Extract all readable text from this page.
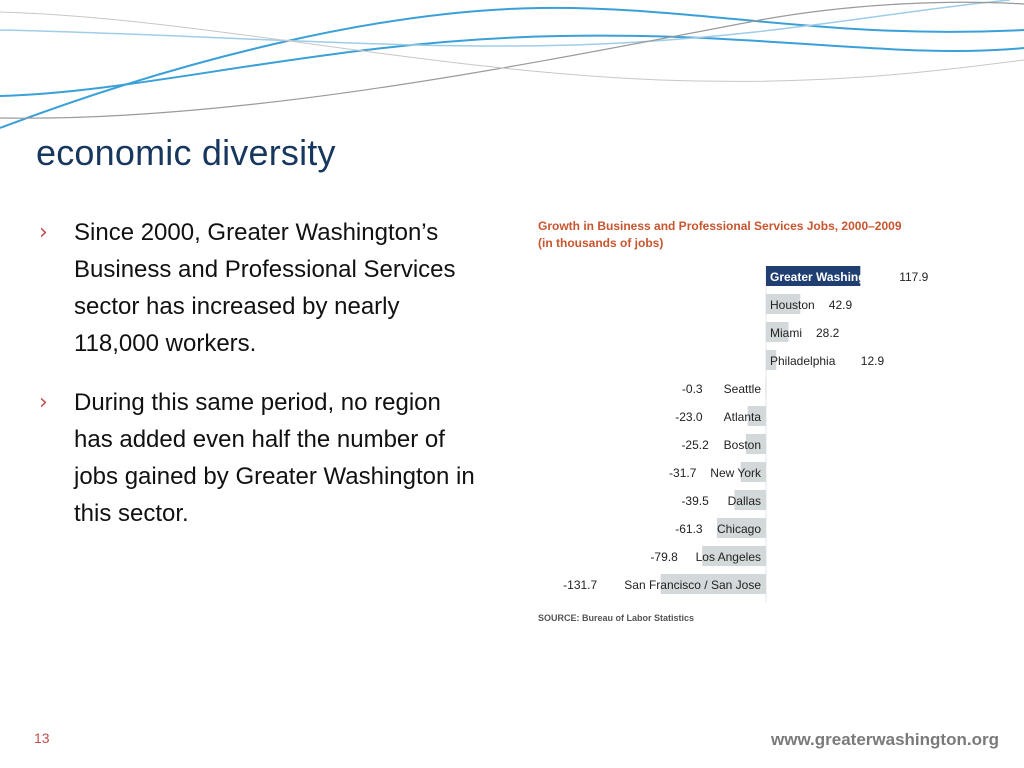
economic diversity
›	Since 2000, Greater Washington’s Business and Professional Services sector has increased by nearly 118,000 workers.
›	During this same period, no region has added even half the number of jobs gained by Greater Washington in this sector.
Growth in Business and Professional Services Jobs, 2000–2009
(in thousands of jobs)
Greater Washington 117.9
Houston 42.9
Miami 28.2
Philadelphia 12.9
Seattle
-0.3
Atlanta
-23.0
Boston
-25.2
New York
-31.7
Dallas
-39.5
Chicago
-61.3
Los Angeles
-79.8
San Francisco / San Jose
-131.7
SOURCE: Bureau of Labor Statistics
13	www.greaterwashington.org
